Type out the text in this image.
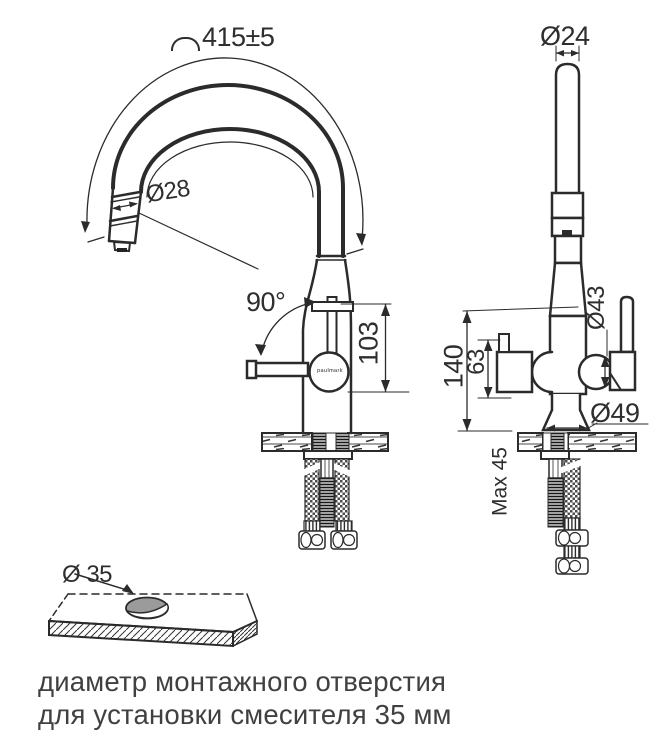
415±5
Ø28
90°
103
Ø24
Ø43
140
63
Ø49
Max 45
Ø 35
paulmark
диаметр монтажного отверстия
для установки смесителя 35 мм
